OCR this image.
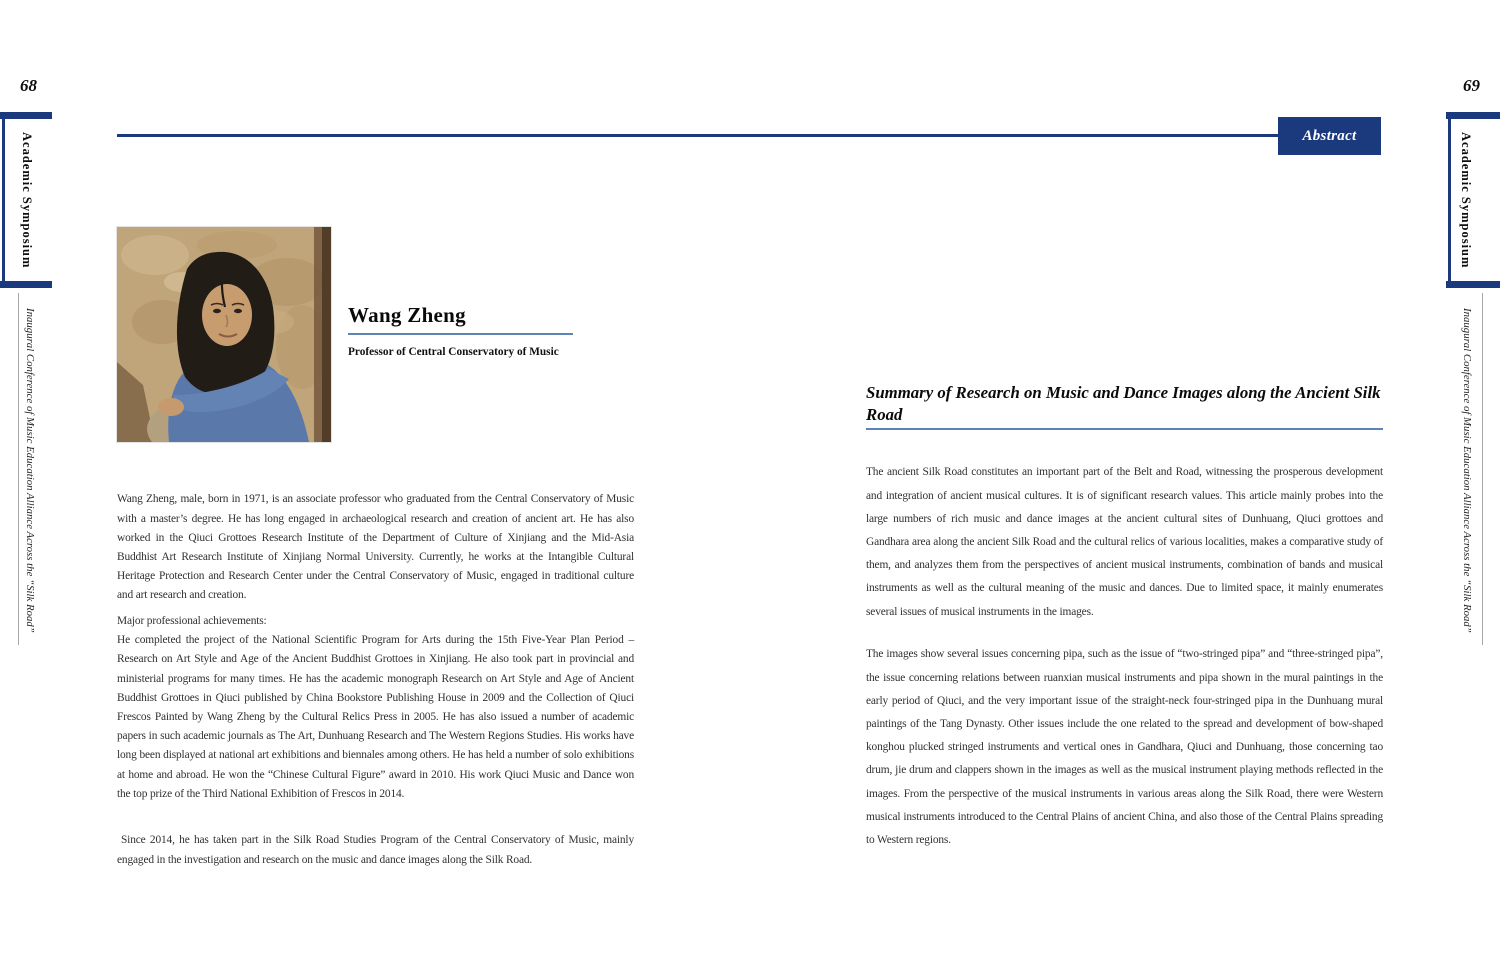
Abstract
68
Academic Symposium
Inaugural Conference of Music Education Alliance Across the “Silk Road”
69
Academic Symposium
Inaugural Conference of Music Education Alliance Across the “Silk Road”
Wang Zheng
Professor of Central Conservatory of Music

Wang Zheng, male, born in 1971, is an associate professor who graduated from the Central Conservatory of Music with a master’s degree. He has long engaged in archaeological research and creation of ancient art. He has also worked in the Qiuci Grottoes Research Institute of the Department of Culture of Xinjiang and the Mid-Asia Buddhist Art Research Institute of Xinjiang Normal University. Currently, he works at the Intangible Cultural Heritage Protection and Research Center under the Central Conservatory of Music, engaged in traditional culture and art research and creation.

Major professional achievements:
He completed the project of the National Scientific Program for Arts during the 15th Five-Year Plan Period – Research on Art Style and Age of the Ancient Buddhist Grottoes in Xinjiang. He also took part in provincial and ministerial programs for many times. He has the academic monograph Research on Art Style and Age of Ancient Buddhist Grottoes in Qiuci published by China Bookstore Publishing House in 2009 and the Collection of Qiuci Frescos Painted by Wang Zheng by the Cultural Relics Press in 2005. He has also issued a number of academic papers in such academic journals as The Art, Dunhuang Research and The Western Regions Studies. His works have long been displayed at national art exhibitions and biennales among others. He has held a number of solo exhibitions at home and abroad. He won the “Chinese Cultural Figure” award in 2010. His work Qiuci Music and Dance won the top prize of the Third National Exhibition of Frescos in 2014.

Since 2014, he has taken part in the Silk Road Studies Program of the Central Conservatory of Music, mainly engaged in the investigation and research on the music and dance images along the Silk Road.

Summary of Research on Music and Dance Images along the Ancient Silk Road

The ancient Silk Road constitutes an important part of the Belt and Road, witnessing the prosperous development and integration of ancient musical cultures. It is of significant research values. This article mainly probes into the large numbers of rich music and dance images at the ancient cultural sites of Dunhuang, Qiuci grottoes and Gandhara area along the ancient Silk Road and the cultural relics of various localities, makes a comparative study of them, and analyzes them from the perspectives of ancient musical instruments, combination of bands and musical instruments as well as the cultural meaning of the music and dances. Due to limited space, it mainly enumerates several issues of musical instruments in the images.

The images show several issues concerning pipa, such as the issue of “two-stringed pipa” and “three-stringed pipa”, the issue concerning relations between ruanxian musical instruments and pipa shown in the mural paintings in the early period of Qiuci, and the very important issue of the straight-neck four-stringed pipa in the Dunhuang mural paintings of the Tang Dynasty. Other issues include the one related to the spread and development of bow-shaped konghou plucked stringed instruments and vertical ones in Gandhara, Qiuci and Dunhuang, those concerning tao drum, jie drum and clappers shown in the images as well as the musical instrument playing methods reflected in the images. From the perspective of the musical instruments in various areas along the Silk Road, there were Western musical instruments introduced to the Central Plains of ancient China, and also those of the Central Plains spreading to Western regions.
